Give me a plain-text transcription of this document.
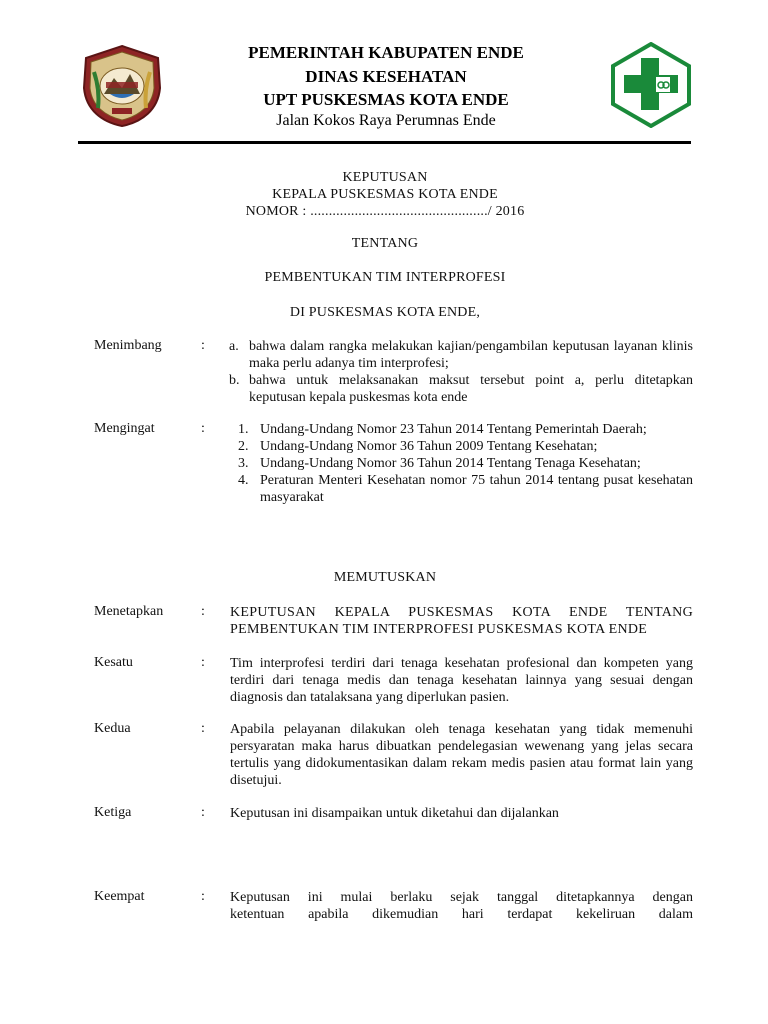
PEMERINTAH KABUPATEN ENDE
DINAS KESEHATAN
UPT PUSKESMAS KOTA ENDE
Jalan Kokos Raya Perumnas Ende
KEPUTUSAN
KEPALA PUSKESMAS KOTA ENDE
NOMOR : ................................................/ 2016
TENTANG
PEMBENTUKAN TIM INTERPROFESI
DI PUSKESMAS KOTA ENDE,
Menimbang	: a. bahwa dalam rangka melakukan kajian/pengambilan keputusan layanan klinis maka perlu adanya tim interprofesi;
b. bahwa untuk melaksanakan maksut tersebut point a, perlu ditetapkan keputusan kepala puskesmas kota ende
Mengingat	: 1. Undang-Undang Nomor 23 Tahun 2014 Tentang Pemerintah Daerah;
2. Undang-Undang Nomor 36 Tahun 2009 Tentang Kesehatan;
3. Undang-Undang Nomor 36 Tahun 2014 Tentang Tenaga Kesehatan;
4. Peraturan Menteri Kesehatan nomor 75 tahun 2014 tentang pusat kesehatan masyarakat
MEMUTUSKAN
Menetapkan	: KEPUTUSAN KEPALA PUSKESMAS KOTA ENDE TENTANG
PEMBENTUKAN TIM INTERPROFESI PUSKESMAS KOTA ENDE
Kesatu	: Tim interprofesi terdiri dari tenaga kesehatan profesional dan kompeten yang terdiri dari tenaga medis dan tenaga kesehatan lainnya yang sesuai dengan diagnosis dan tatalaksana yang diperlukan pasien.
Kedua	: Apabila pelayanan dilakukan oleh tenaga kesehatan yang tidak memenuhi persyaratan maka harus dibuatkan pendelegasian wewenang yang jelas secara tertulis yang didokumentasikan dalam rekam medis pasien atau format lain yang disetujui.
Ketiga	: Keputusan ini disampaikan untuk diketahui dan dijalankan
Keempat	: Keputusan ini mulai berlaku sejak tanggal ditetapkannya dengan
ketentuan apabila dikemudian hari terdapat kekeliruan dalam
